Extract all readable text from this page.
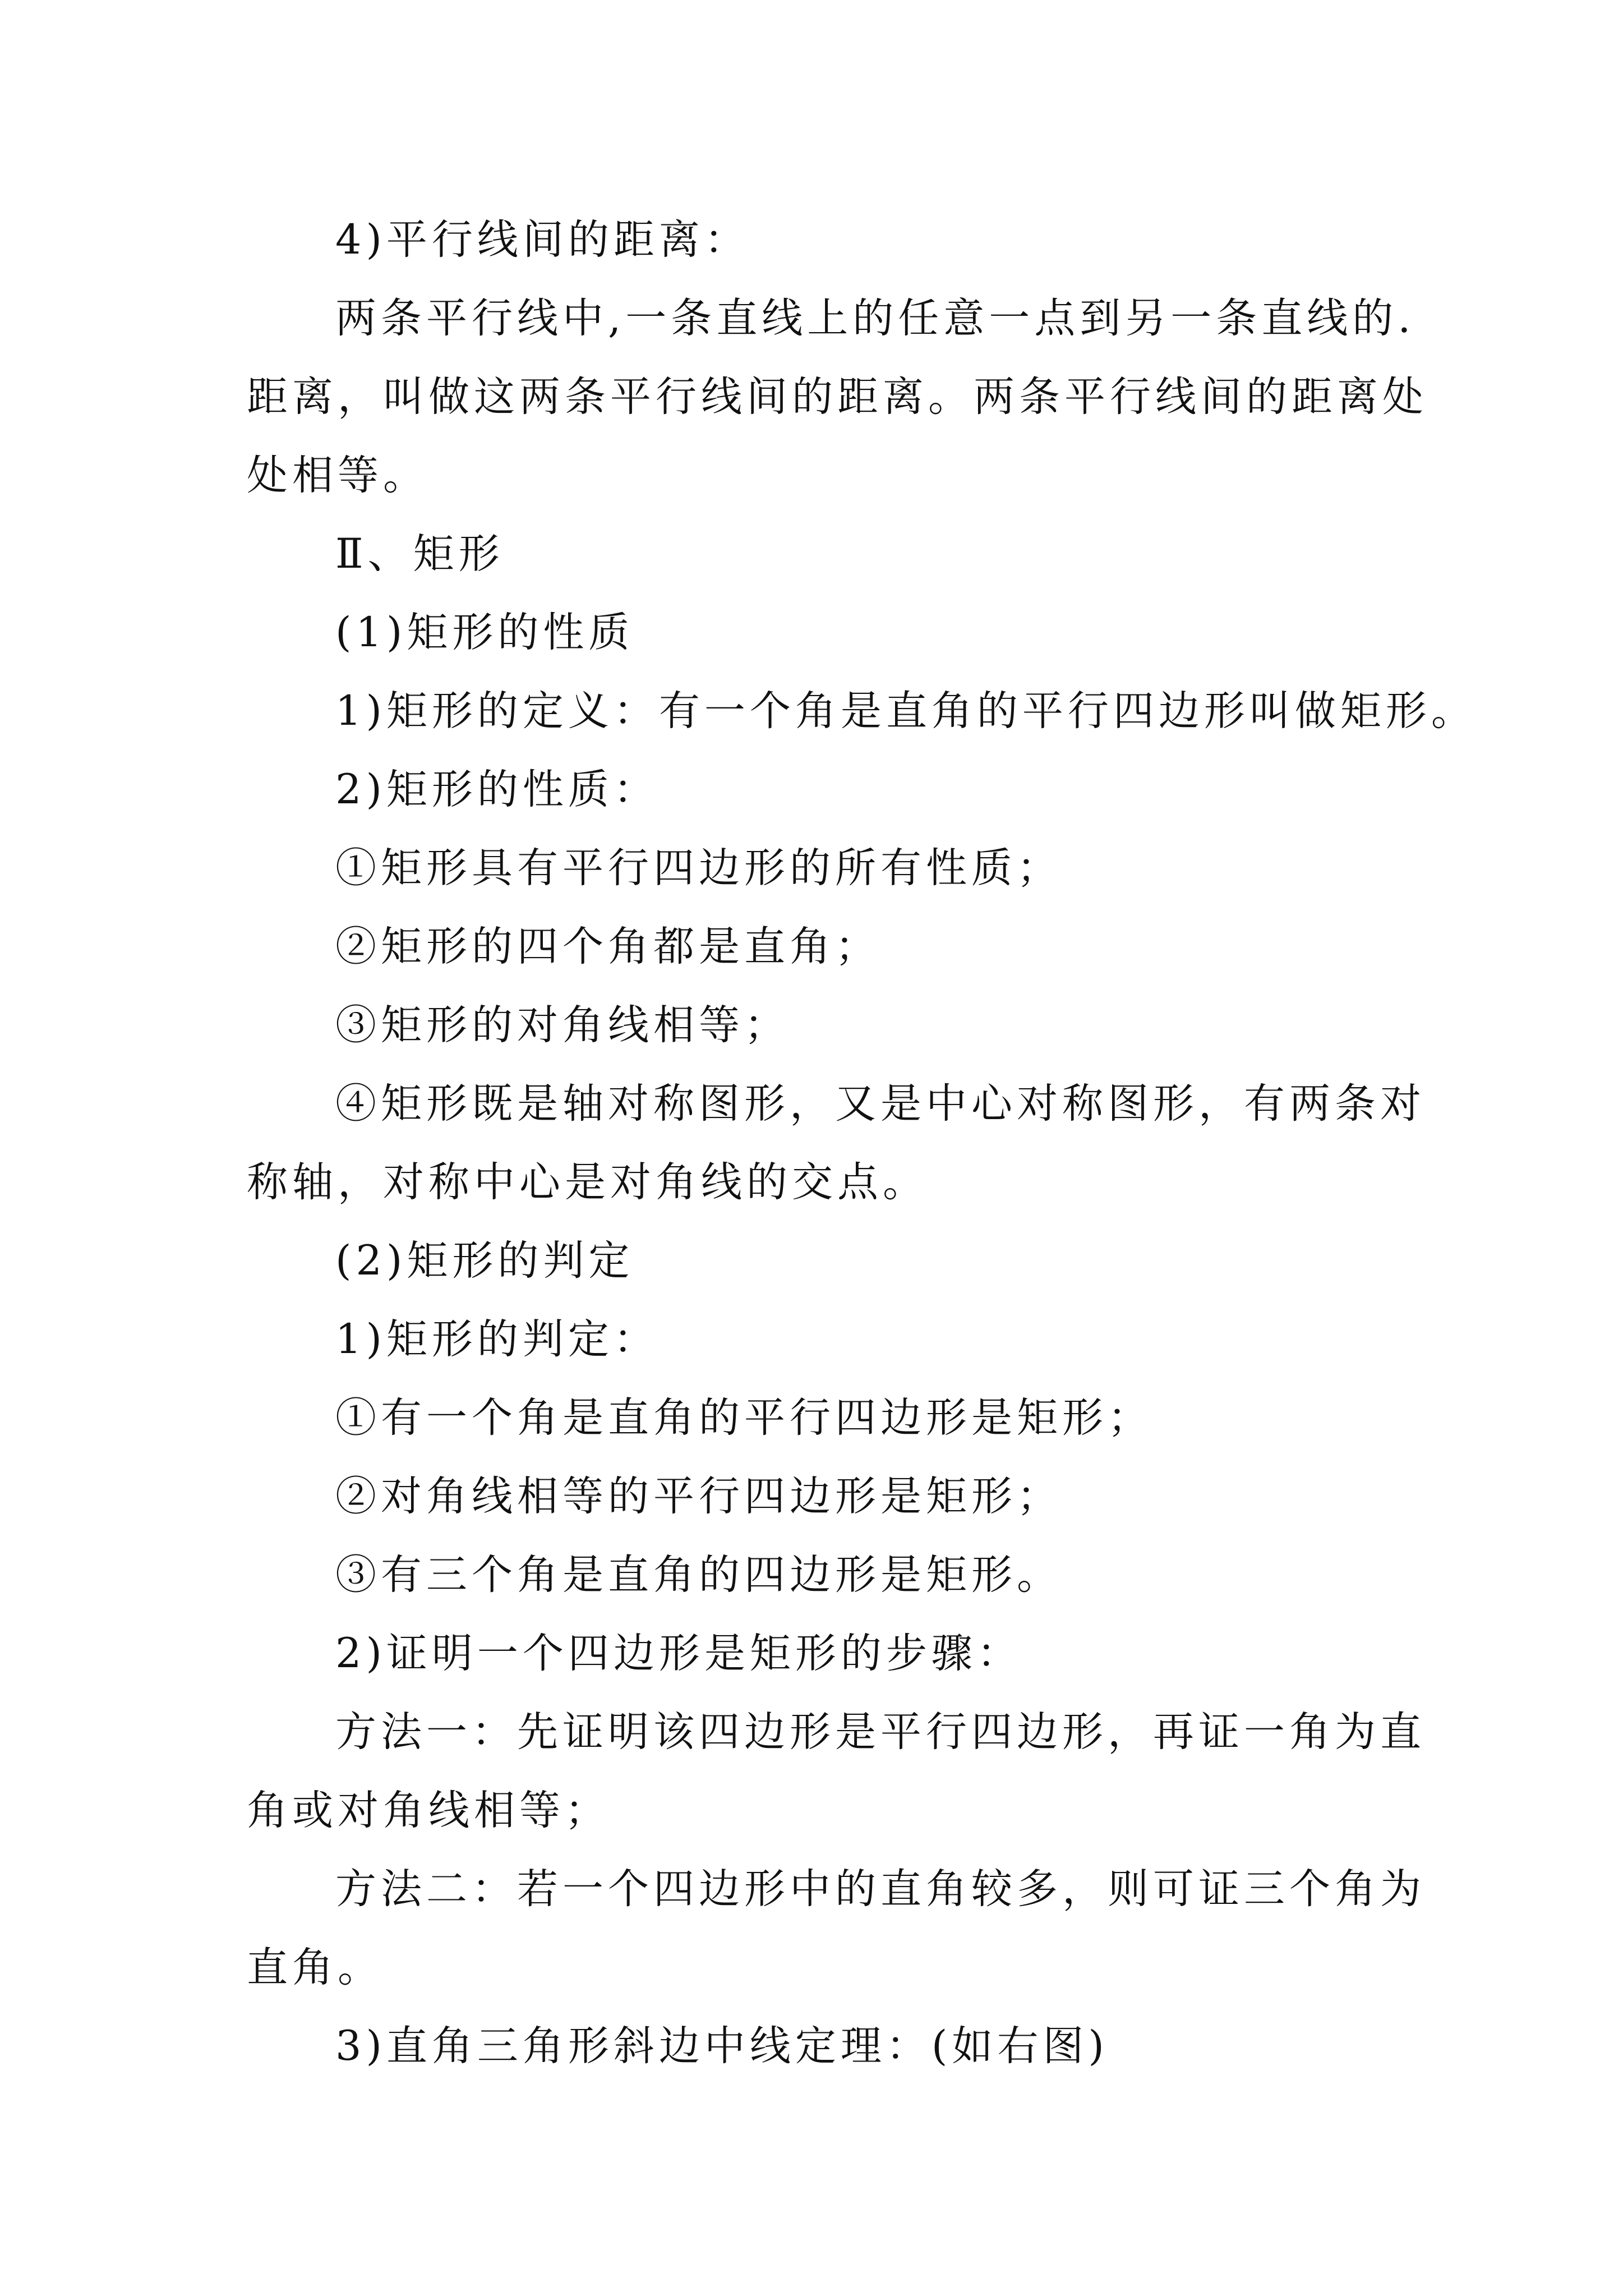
4)平行线间的距离：
两条平行线中,一条直线上的任意一点到另一条直线的.
距离，叫做这两条平行线间的距离。两条平行线间的距离处
处相等。
Ⅱ、矩形
(1)矩形的性质
1)矩形的定义：有一个角是直角的平行四边形叫做矩形。
2)矩形的性质：
①矩形具有平行四边形的所有性质；
②矩形的四个角都是直角；
③矩形的对角线相等；
④矩形既是轴对称图形，又是中心对称图形，有两条对
称轴，对称中心是对角线的交点。
(2)矩形的判定
1)矩形的判定：
①有一个角是直角的平行四边形是矩形；
②对角线相等的平行四边形是矩形；
③有三个角是直角的四边形是矩形。
2)证明一个四边形是矩形的步骤：
方法一：先证明该四边形是平行四边形，再证一角为直
角或对角线相等；
方法二：若一个四边形中的直角较多，则可证三个角为
直角。
3)直角三角形斜边中线定理：(如右图)
